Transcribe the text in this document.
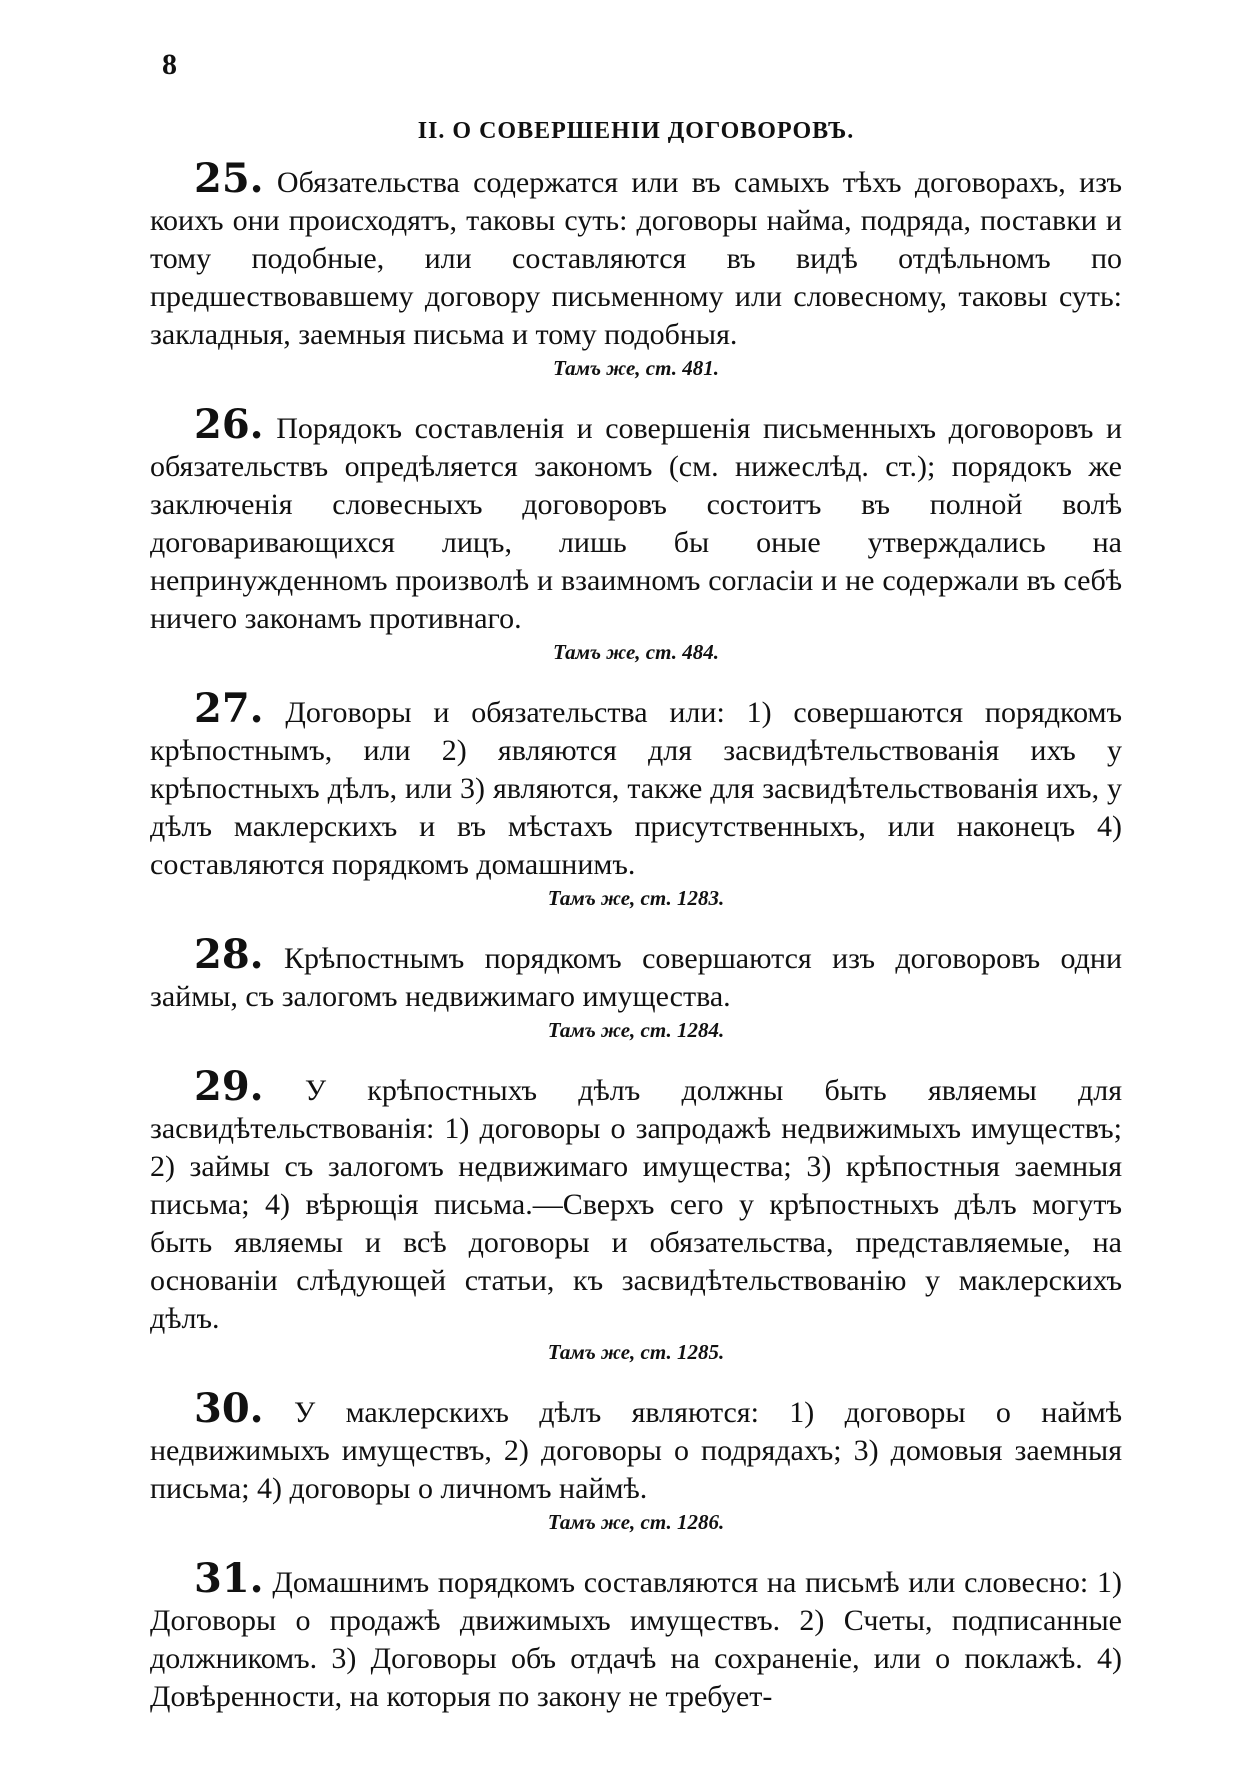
8
II. О СОВЕРШЕНІИ ДОГОВОРОВЪ.

25. Обязательства содержатся или въ самыхъ тѣхъ договорахъ, изъ коихъ они происходятъ, таковы суть: договоры найма, подряда, поставки и тому подобные, или составляются въ видѣ отдѣльномъ по предшествовавшему договору письменному или словесному, таковы суть: закладныя, заемныя письма и тому подобныя.

Тамъ же, ст. 481.

26. Порядокъ составленія и совершенія письменныхъ договоровъ и обязательствъ опредѣляется закономъ (см. нижеслѣд. ст.); порядокъ же заключенія словесныхъ договоровъ состоитъ въ полной волѣ договаривающихся лицъ, лишь бы оные утверждались на непринужденномъ произволѣ и взаимномъ согласіи и не содержали въ себѣ ничего законамъ противнаго.

Тамъ же, ст. 484.

27. Договоры и обязательства или: 1) совершаются порядкомъ крѣпостнымъ, или 2) являются для засвидѣтельствованія ихъ у крѣпостныхъ дѣлъ, или 3) являются, также для засвидѣтельствованія ихъ, у дѣлъ маклерскихъ и въ мѣстахъ присутственныхъ, или наконецъ 4) составляются порядкомъ домашнимъ.

Тамъ же, ст. 1283.

28. Крѣпостнымъ порядкомъ совершаются изъ договоровъ одни займы, съ залогомъ недвижимаго имущества.

Тамъ же, ст. 1284.

29. У крѣпостныхъ дѣлъ должны быть являемы для засвидѣтельствованія: 1) договоры о запродажѣ недвижимыхъ имуществъ; 2) займы съ залогомъ недвижимаго имущества; 3) крѣпостныя заемныя письма; 4) вѣрющія письма.—Сверхъ сего у крѣпостныхъ дѣлъ могутъ быть являемы и всѣ договоры и обязательства, представляемые, на основаніи слѣдующей статьи, къ засвидѣтельствованію у маклерскихъ дѣлъ.

Тамъ же, ст. 1285.

30. У маклерскихъ дѣлъ являются: 1) договоры о наймѣ недвижимыхъ имуществъ, 2) договоры о подрядахъ; 3) домовыя заемныя письма; 4) договоры о личномъ наймѣ.

Тамъ же, ст. 1286.

31. Домашнимъ порядкомъ составляются на письмѣ или словесно: 1) Договоры о продажѣ движимыхъ имуществъ. 2) Счеты, подписанные должникомъ. 3) Договоры объ отдачѣ на сохраненіе, или о поклажѣ. 4) Довѣренности, на которыя по закону не требует-
